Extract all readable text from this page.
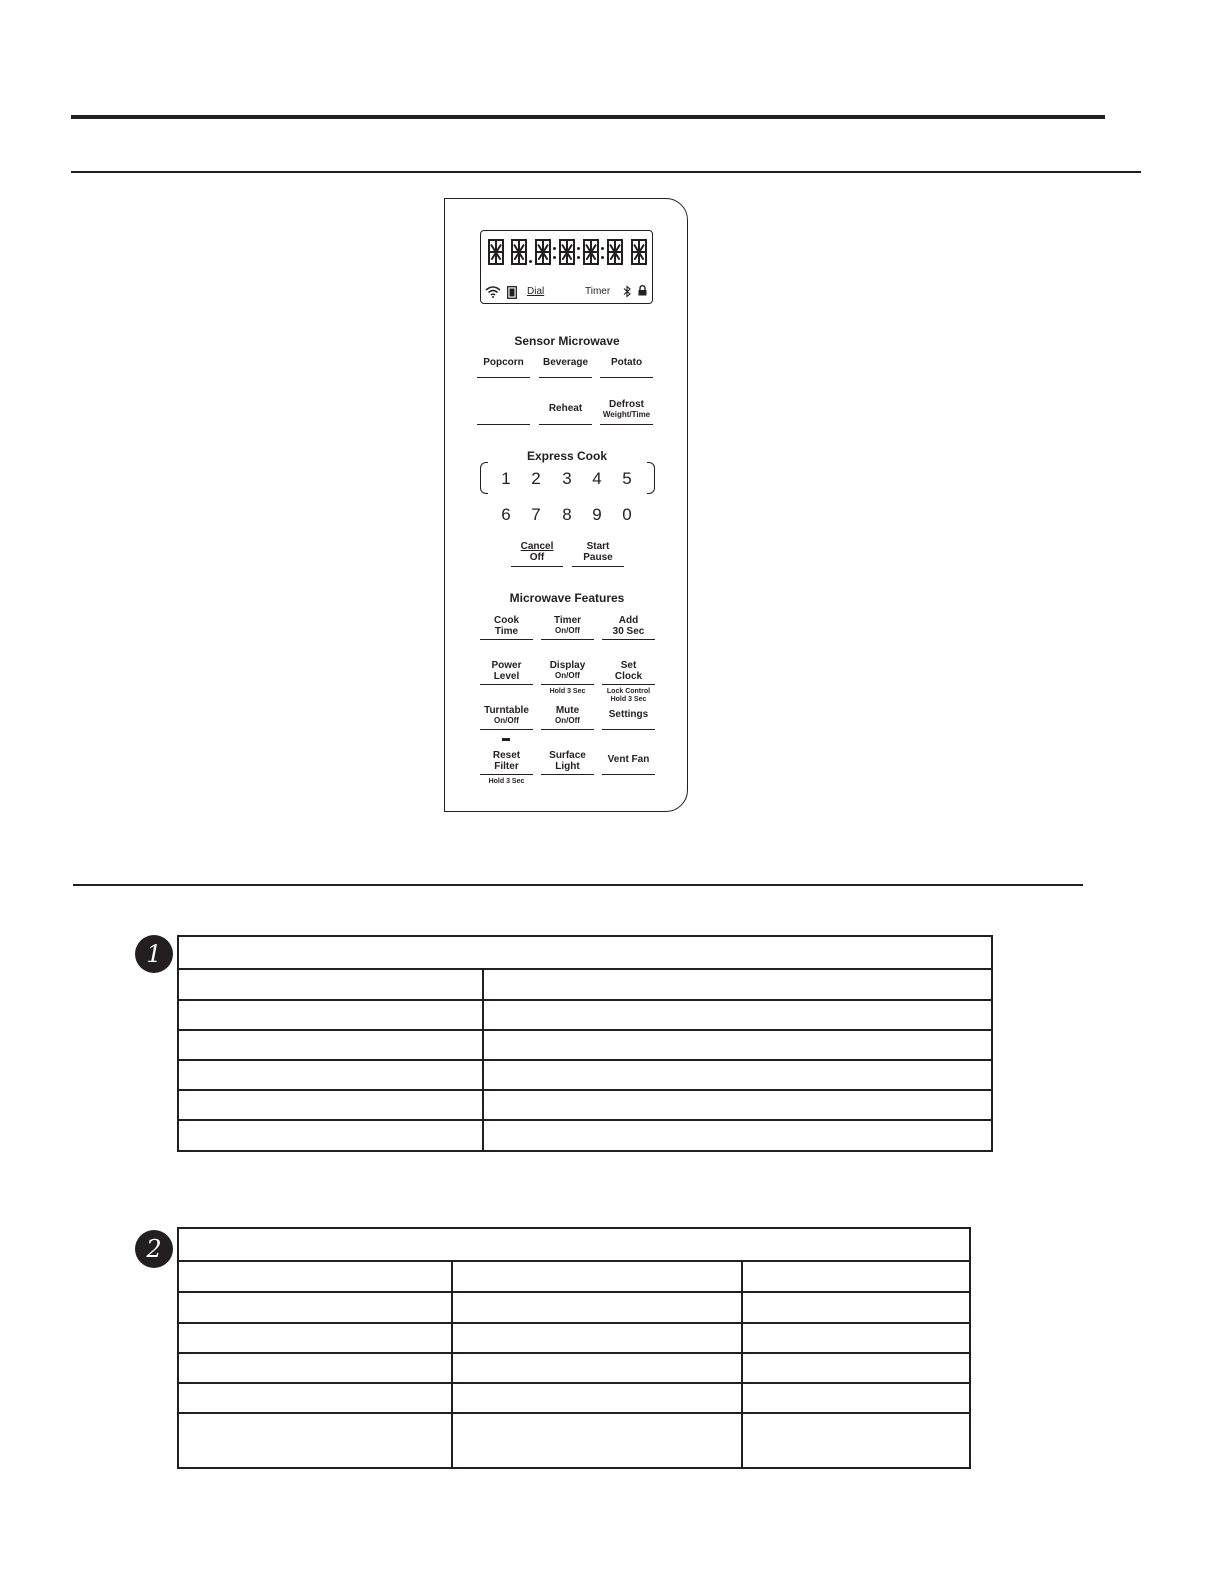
Dial	Timer
Sensor Microwave
Popcorn	Beverage	Potato
Reheat	Defrost
Weight/Time
Express Cook
1	2	3	4	5
6	7	8	9	0
Cancel
Off
Start
Pause
Microwave Features
Cook
Time
Timer
On/Off
Add
30 Sec
Power
Level
Display
On/Off
Set
Clock
Hold 3 Sec	Lock Control
Hold 3 Sec
Turntable
On/Off
Mute
On/Off
Settings
Reset
Filter
Surface
Light
Vent Fan
Hold 3 Sec
1
2
